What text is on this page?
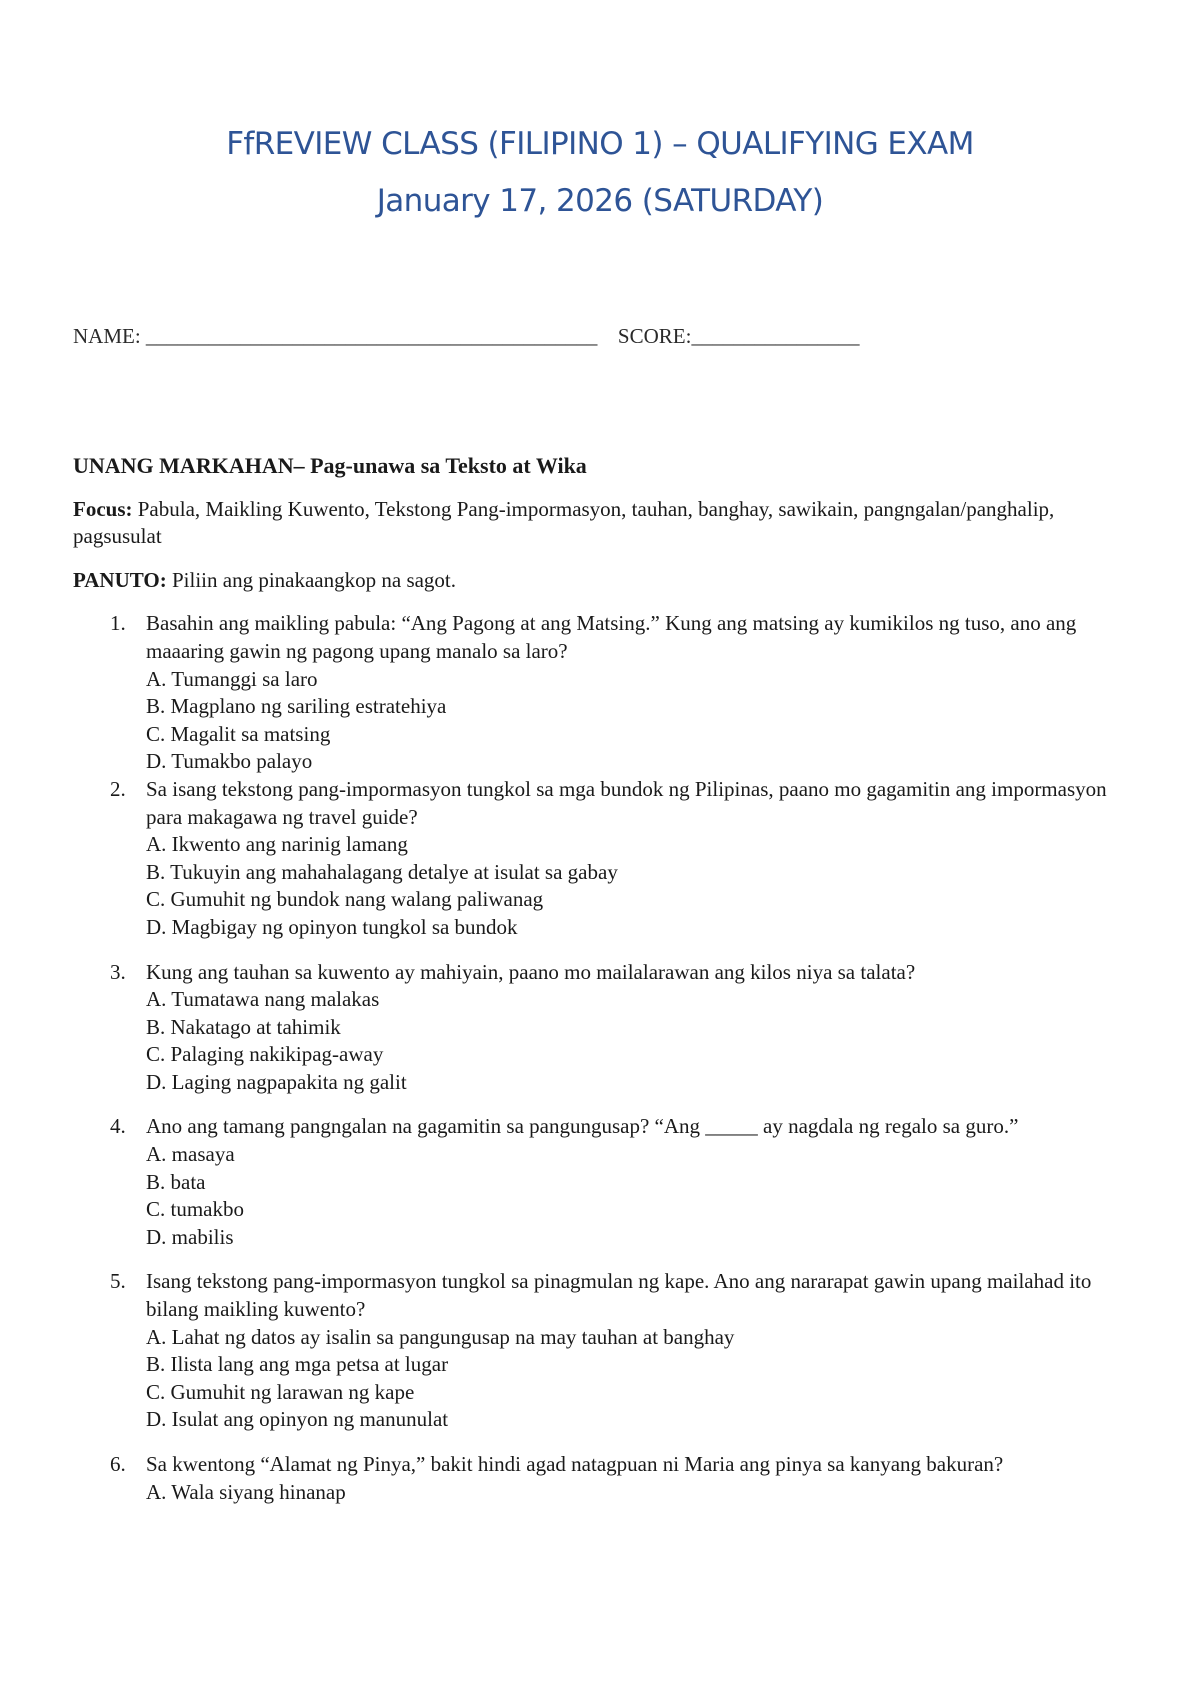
FfREVIEW CLASS (FILIPINO 1) – QUALIFYING EXAM
January 17, 2026 (SATURDAY)
NAME: ___________________________________________ SCORE:________________
UNANG MARKAHAN– Pag-unawa sa Teksto at Wika
Focus: Pabula, Maikling Kuwento, Tekstong Pang-impormasyon, tauhan, banghay, sawikain, pangngalan/panghalip, pagsusulat
PANUTO: Piliin ang pinakaangkop na sagot.
1. Basahin ang maikling pabula: “Ang Pagong at ang Matsing.” Kung ang matsing ay kumikilos ng tuso, ano ang maaaring gawin ng pagong upang manalo sa laro?
A. Tumanggi sa laro
B. Magplano ng sariling estratehiya
C. Magalit sa matsing
D. Tumakbo palayo
2. Sa isang tekstong pang-impormasyon tungkol sa mga bundok ng Pilipinas, paano mo gagamitin ang impormasyon para makagawa ng travel guide?
A. Ikwento ang narinig lamang
B. Tukuyin ang mahahalagang detalye at isulat sa gabay
C. Gumuhit ng bundok nang walang paliwanag
D. Magbigay ng opinyon tungkol sa bundok
3. Kung ang tauhan sa kuwento ay mahiyain, paano mo mailalarawan ang kilos niya sa talata?
A. Tumatawa nang malakas
B. Nakatago at tahimik
C. Palaging nakikipag-away
D. Laging nagpapakita ng galit
4. Ano ang tamang pangngalan na gagamitin sa pangungusap? “Ang _____ ay nagdala ng regalo sa guro.”
A. masaya
B. bata
C. tumakbo
D. mabilis
5. Isang tekstong pang-impormasyon tungkol sa pinagmulan ng kape. Ano ang nararapat gawin upang mailahad ito bilang maikling kuwento?
A. Lahat ng datos ay isalin sa pangungusap na may tauhan at banghay
B. Ilista lang ang mga petsa at lugar
C. Gumuhit ng larawan ng kape
D. Isulat ang opinyon ng manunulat
6. Sa kwentong “Alamat ng Pinya,” bakit hindi agad natagpuan ni Maria ang pinya sa kanyang bakuran?
A. Wala siyang hinanap
